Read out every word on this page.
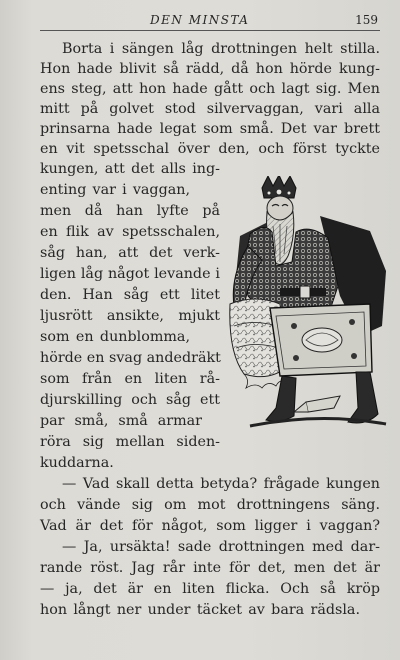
DEN MINSTA	159
Borta i sängen låg drottningen helt stilla.
Hon hade blivit så rädd, då hon hörde kung-
ens steg, att hon hade gått och lagt sig. Men
mitt på golvet stod silvervaggan, vari alla
prinsarna hade legat som små. Det var brett
en vit spetsschal över den, och först tyckte
kungen, att det alls ing-
enting var i vaggan,
men då han lyfte på
en flik av spetsschalen,
såg han, att det verk-
ligen låg något levande i
den. Han såg ett litet
ljusrött ansikte, mjukt
som en dunblomma,
hörde en svag andedräkt
som från en liten rå-
djurskilling och såg ett
par små, små armar
röra sig mellan siden-
kuddarna.
— Vad skall detta betyda? frågade kungen
och vände sig om mot drottningens säng.
Vad är det för något, som ligger i vaggan?
— Ja, ursäkta! sade drottningen med dar-
rande röst. Jag rår inte för det, men det är
— ja, det är en liten flicka. Och så kröp
hon långt ner under täcket av bara rädsla.
